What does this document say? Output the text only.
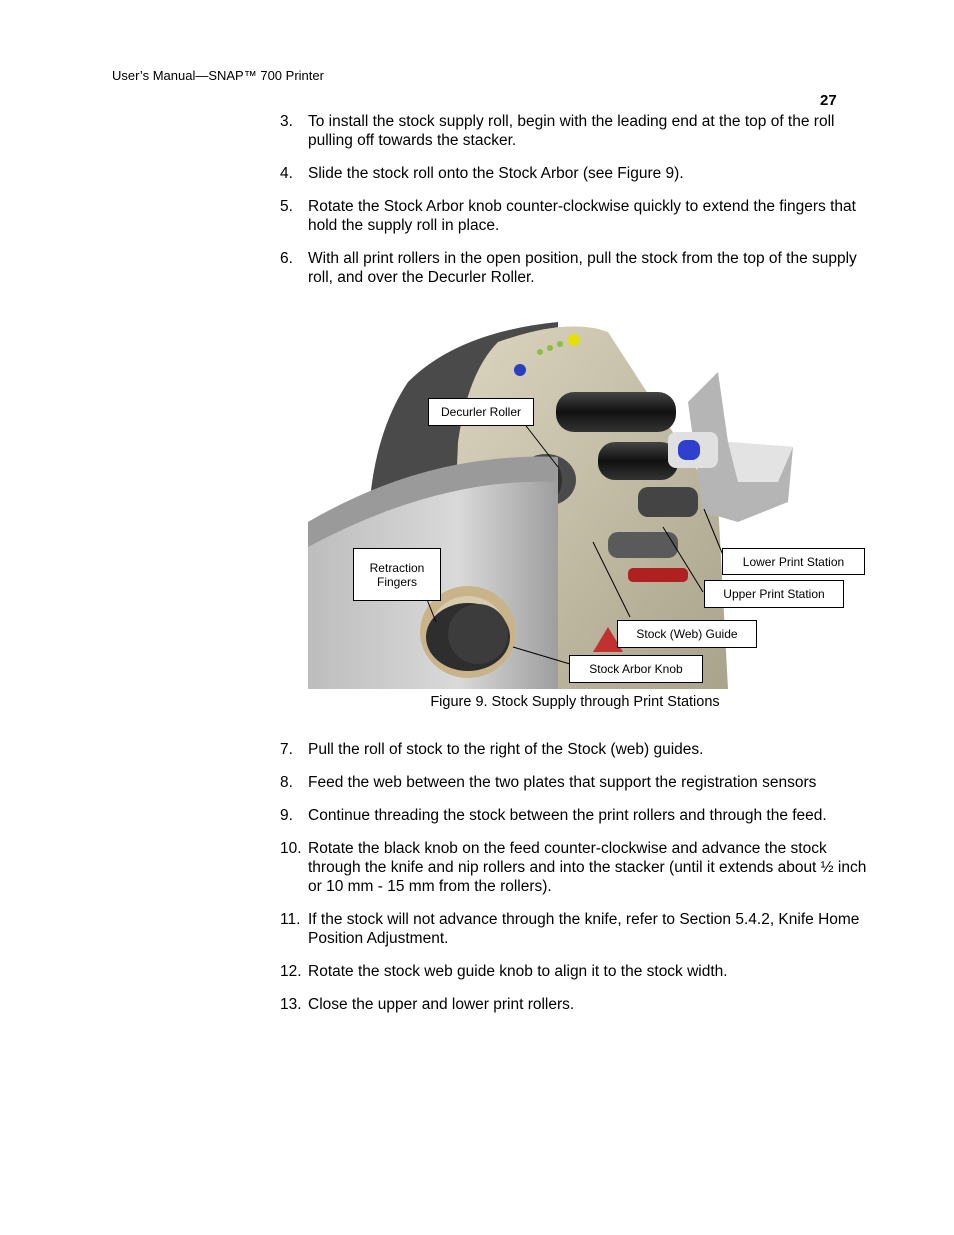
User’s Manual—SNAP™ 700 Printer
27
3. To install the stock supply roll, begin with the leading end at the top of the roll pulling off towards the stacker.
4. Slide the stock roll onto the Stock Arbor (see Figure 9).
5. Rotate the Stock Arbor knob counter-clockwise quickly to extend the fingers that hold the supply roll in place.
6. With all print rollers in the open position, pull the stock from the top of the supply roll, and over the Decurler Roller.
Decurler Roller
Retraction Fingers
Lower Print Station
Upper Print Station
Stock (Web) Guide
Stock Arbor Knob
Figure 9. Stock Supply through Print Stations
7. Pull the roll of stock to the right of the Stock (web) guides.
8. Feed the web between the two plates that support the registration sensors
9. Continue threading the stock between the print rollers and through the feed.
10. Rotate the black knob on the feed counter-clockwise and advance the stock through the knife and nip rollers and into the stacker (until it extends about ½ inch or 10 mm - 15 mm from the rollers).
11. If the stock will not advance through the knife, refer to Section 5.4.2, Knife Home Position Adjustment.
12. Rotate the stock web guide knob to align it to the stock width.
13. Close the upper and lower print rollers.
